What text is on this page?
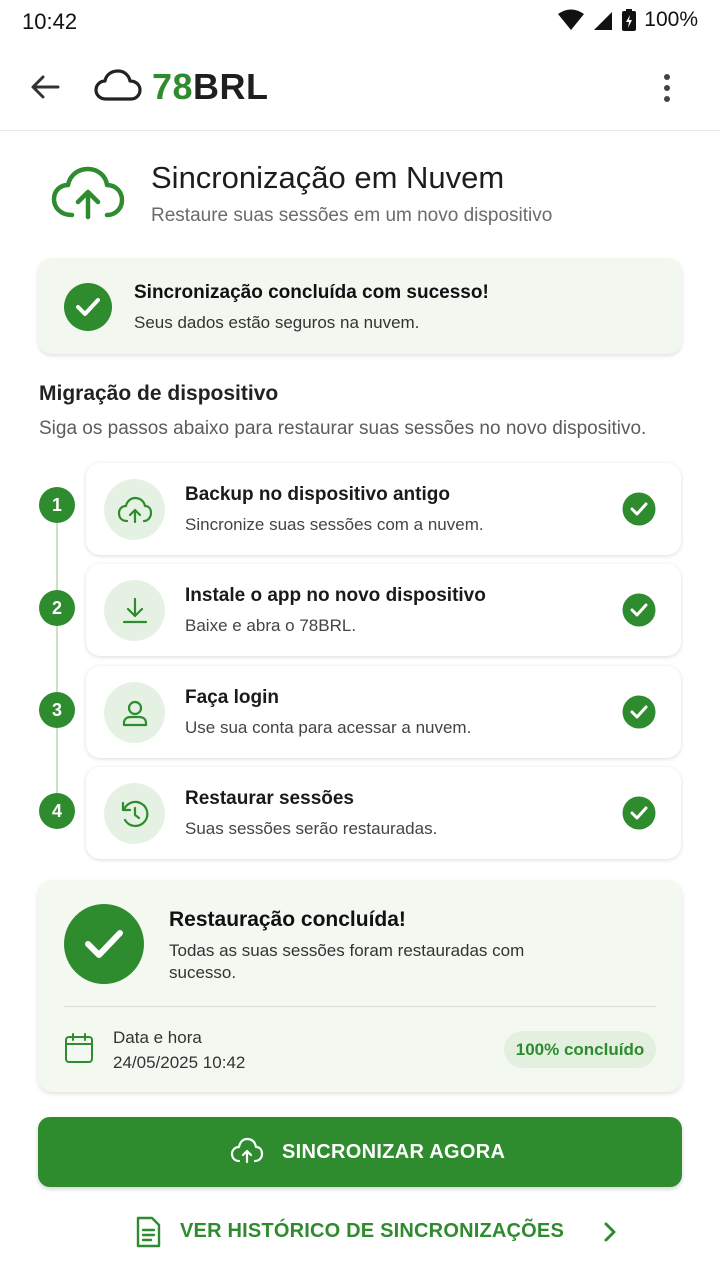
10:42	100%
78BRL
Sincronização em Nuvem
Restaure suas sessões em um novo dispositivo
Sincronização concluída com sucesso!
Seus dados estão seguros na nuvem.
Migração de dispositivo
Siga os passos abaixo para restaurar suas sessões no novo dispositivo.
1	Backup no dispositivo antigo
Sincronize suas sessões com a nuvem.
2
Instale o app no novo dispositivo
Baixe e abra o 78BRL.
3
Faça login
Use sua conta para acessar a nuvem.
4
Restaurar sessões
Suas sessões serão restauradas.
Restauração concluída!
Todas as suas sessões foram restauradas com sucesso.
Data e hora
24/05/2025 10:42
100% concluído
SINCRONIZAR AGORA
VER HISTÓRICO DE SINCRONIZAÇÕES
